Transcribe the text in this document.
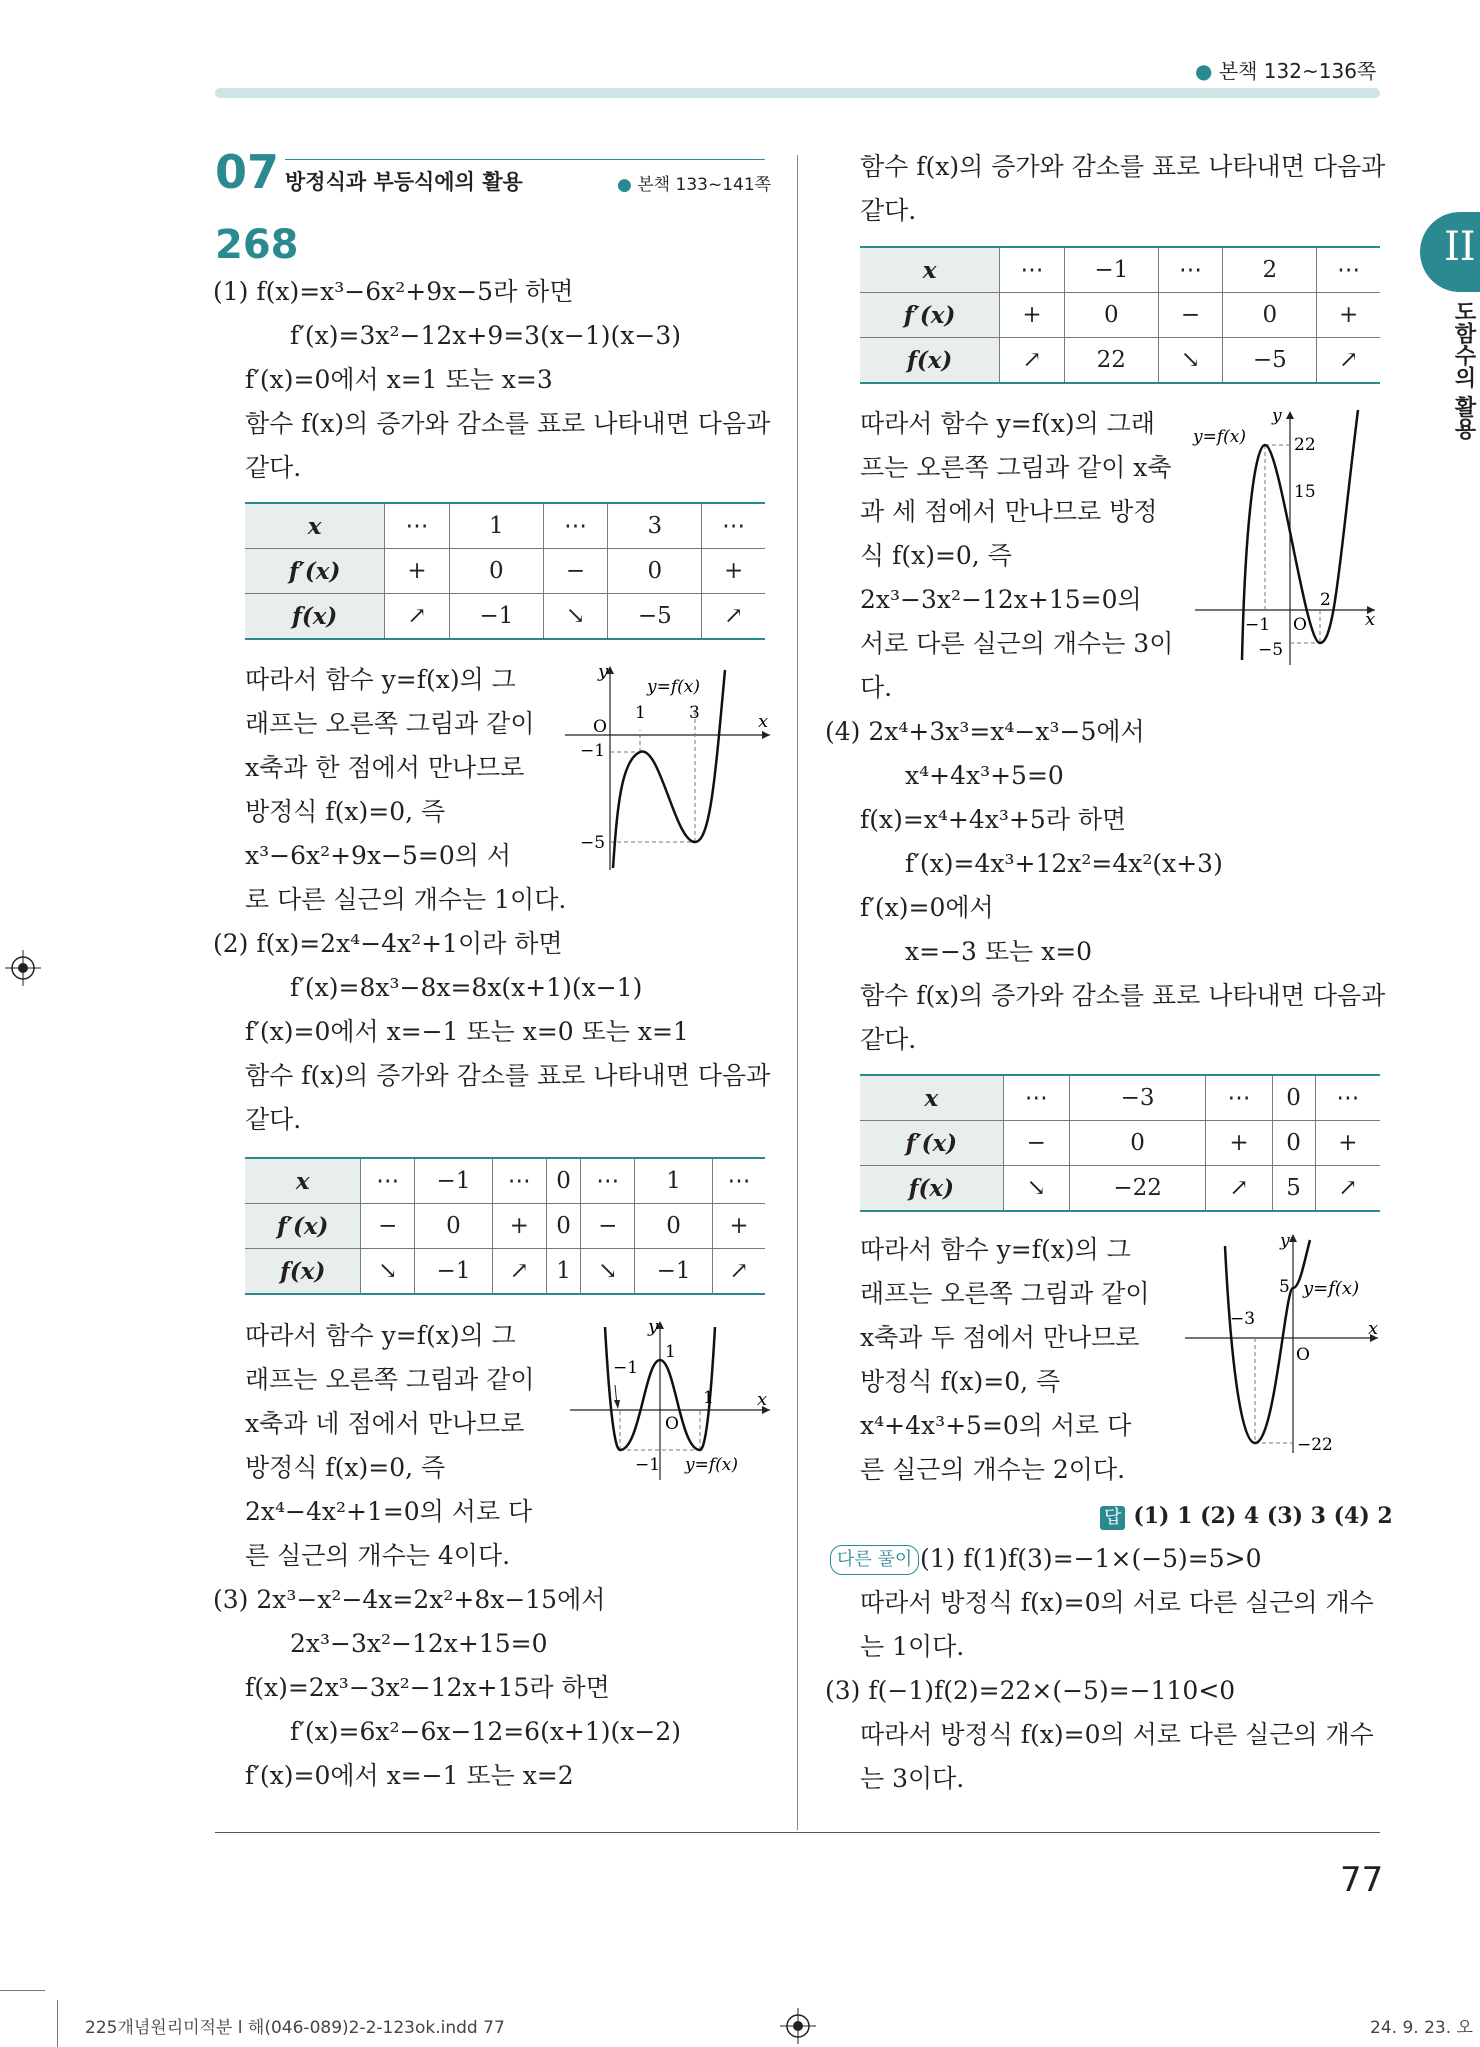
● 본책 132~136쪽
II
도함수의 활용
07 방정식과 부등식에의 활용	● 본책 133~141쪽
268
(1) f(x)=x³−6x²+9x−5라 하면
f′(x)=3x²−12x+9=3(x−1)(x−3)
f′(x)=0에서 x=1 또는 x=3
함수 f(x)의 증가와 감소를 표로 나타내면 다음과
같다.
x	⋯	1	⋯	3	⋯
f′(x)	+	0	−	0	+
f(x)	↗	−1	↘	−5	↗
따라서 함수 y=f(x)의 그
래프는 오른쪽 그림과 같이
x축과 한 점에서 만나므로
방정식 f(x)=0, 즉
x³−6x²+9x−5=0의 서
로 다른 실근의 개수는 1이다.
y
x
y=f(x)
O
1	3
−1
−5
(2) f(x)=2x⁴−4x²+1이라 하면
f′(x)=8x³−8x=8x(x+1)(x−1)
f′(x)=0에서 x=−1 또는 x=0 또는 x=1
함수 f(x)의 증가와 감소를 표로 나타내면 다음과
같다.
x	⋯	−1	⋯	0	⋯	1	⋯
f′(x)	−	0	+	0	−	0	+
f(x)	↘	−1	↗	1	↘	−1	↗
따라서 함수 y=f(x)의 그
래프는 오른쪽 그림과 같이
x축과 네 점에서 만나므로
방정식 f(x)=0, 즉
2x⁴−4x²+1=0의 서로 다
른 실근의 개수는 4이다.
y
x
1
O
−1
−1
1
y=f(x)
(3) 2x³−x²−4x=2x²+8x−15에서
2x³−3x²−12x+15=0
f(x)=2x³−3x²−12x+15라 하면
f′(x)=6x²−6x−12=6(x+1)(x−2)
f′(x)=0에서 x=−1 또는 x=2
함수 f(x)의 증가와 감소를 표로 나타내면 다음과
같다.
x	⋯	−1	⋯	2	⋯
f′(x)	+	0	−	0	+
f(x)	↗	22	↘	−5	↗
따라서 함수 y=f(x)의 그래
프는 오른쪽 그림과 같이 x축
과 세 점에서 만나므로 방정
식 f(x)=0, 즉
2x³−3x²−12x+15=0의
서로 다른 실근의 개수는 3이
다.
y
x
y=f(x)	22
15
−1 O
2
−5
(4) 2x⁴+3x³=x⁴−x³−5에서
x⁴+4x³+5=0
f(x)=x⁴+4x³+5라 하면
f′(x)=4x³+12x²=4x²(x+3)
f′(x)=0에서
x=−3 또는 x=0
함수 f(x)의 증가와 감소를 표로 나타내면 다음과
같다.
x	⋯	−3	⋯	0	⋯
f′(x)	−	0	+	0	+
f(x)	↘	−22	↗	5	↗
따라서 함수 y=f(x)의 그
래프는 오른쪽 그림과 같이
x축과 두 점에서 만나므로
방정식 f(x)=0, 즉
x⁴+4x³+5=0의 서로 다
른 실근의 개수는 2이다.
y
x
5 y=f(x)
−3
O
−22
답 (1) 1 (2) 4 (3) 3 (4) 2
다른 풀이 (1) f(1)f(3)=−1×(−5)=5>0
따라서 방정식 f(x)=0의 서로 다른 실근의 개수
는 1이다.
(3) f(−1)f(2)=22×(−5)=−110<0
따라서 방정식 f(x)=0의 서로 다른 실근의 개수
는 3이다.
77
225개념원리미적분 l 해(046-089)2-2-123ok.indd 77	24. 9. 23. 오
